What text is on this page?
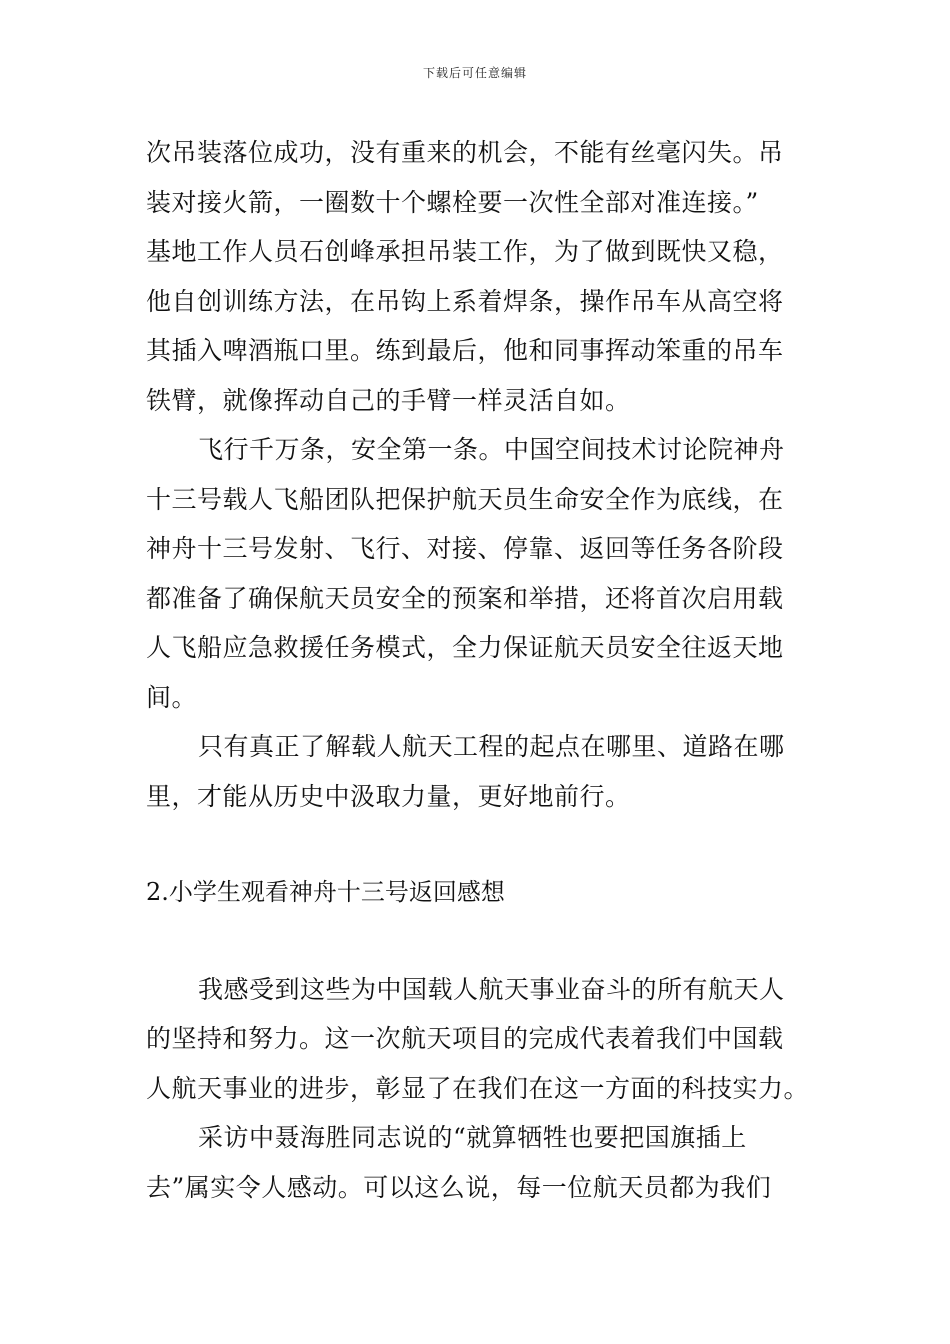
下载后可任意编辑
次吊装落位成功，没有重来的机会，不能有丝毫闪失。吊
装对接火箭，一圈数十个螺栓要一次性全部对准连接。”
基地工作人员石创峰承担吊装工作，为了做到既快又稳，
他自创训练方法，在吊钩上系着焊条，操作吊车从高空将
其插入啤酒瓶口里。练到最后，他和同事挥动笨重的吊车
铁臂，就像挥动自己的手臂一样灵活自如。
飞行千万条，安全第一条。中国空间技术讨论院神舟
十三号载人飞船团队把保护航天员生命安全作为底线，在
神舟十三号发射、飞行、对接、停靠、返回等任务各阶段
都准备了确保航天员安全的预案和举措，还将首次启用载
人飞船应急救援任务模式，全力保证航天员安全往返天地
间。
只有真正了解载人航天工程的起点在哪里、道路在哪
里，才能从历史中汲取力量，更好地前行。
2.小学生观看神舟十三号返回感想
我感受到这些为中国载人航天事业奋斗的所有航天人
的坚持和努力。这一次航天项目的完成代表着我们中国载
人航天事业的进步，彰显了在我们在这一方面的科技实力。
采访中聂海胜同志说的“就算牺牲也要把国旗插上
去”属实令人感动。可以这么说，每一位航天员都为我们
